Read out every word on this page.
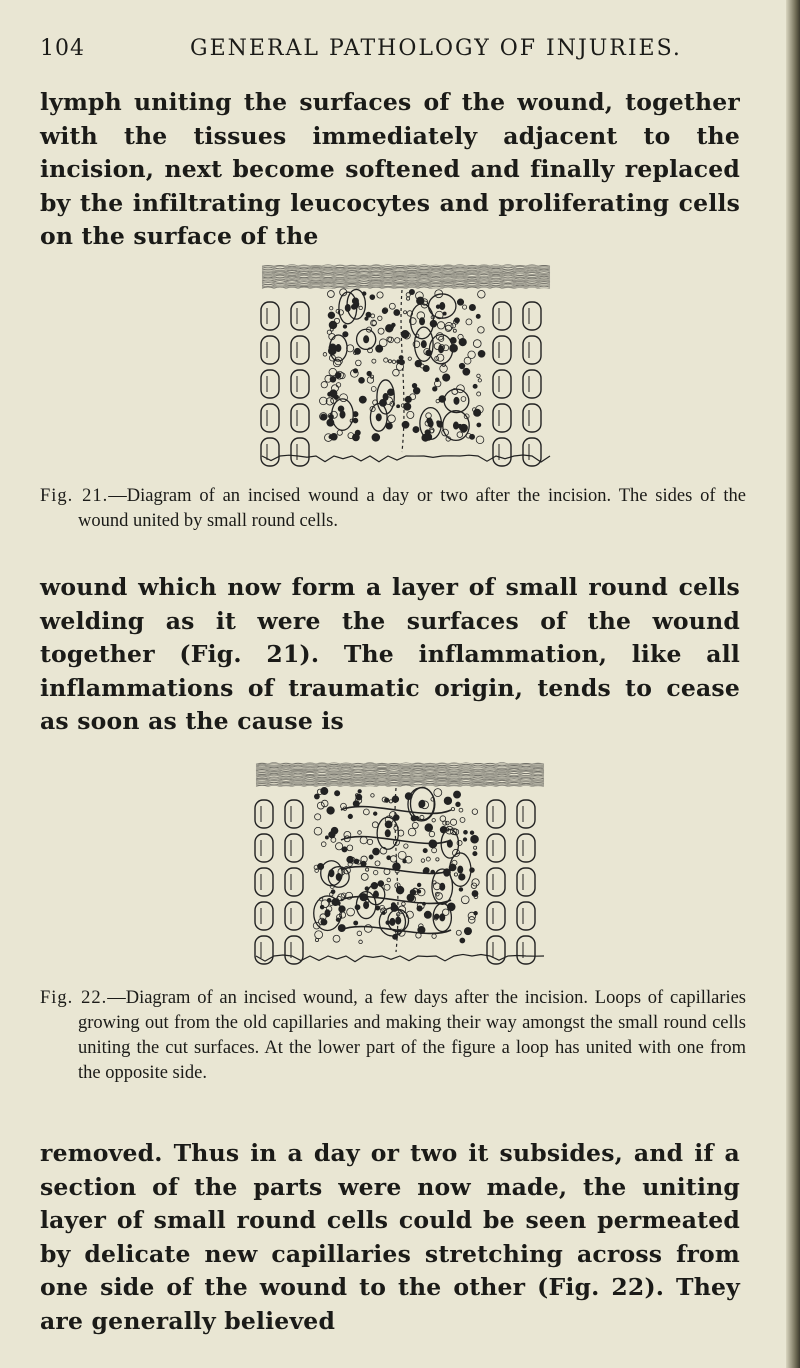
104	GENERAL PATHOLOGY OF INJURIES.
lymph uniting the surfaces of the wound, together with the tissues immediately adjacent to the incision, next become softened and finally replaced by the infiltrating leucocytes and proliferating cells on the surface of the

Fig. 21.—Diagram of an incised wound a day or two after the incision. The sides of the wound united by small round cells.

wound which now form a layer of small round cells welding as it were the surfaces of the wound together (Fig. 21). The inflammation, like all inflammations of traumatic origin, tends to cease as soon as the cause is

Fig. 22.—Diagram of an incised wound, a few days after the incision. Loops of capillaries growing out from the old capillaries and making their way amongst the small round cells uniting the cut surfaces. At the lower part of the figure a loop has united with one from the opposite side.

removed. Thus in a day or two it subsides, and if a section of the parts were now made, the uniting layer of small round cells could be seen permeated by delicate new capillaries stretching across from one side of the wound to the other (Fig. 22). They are generally believed
